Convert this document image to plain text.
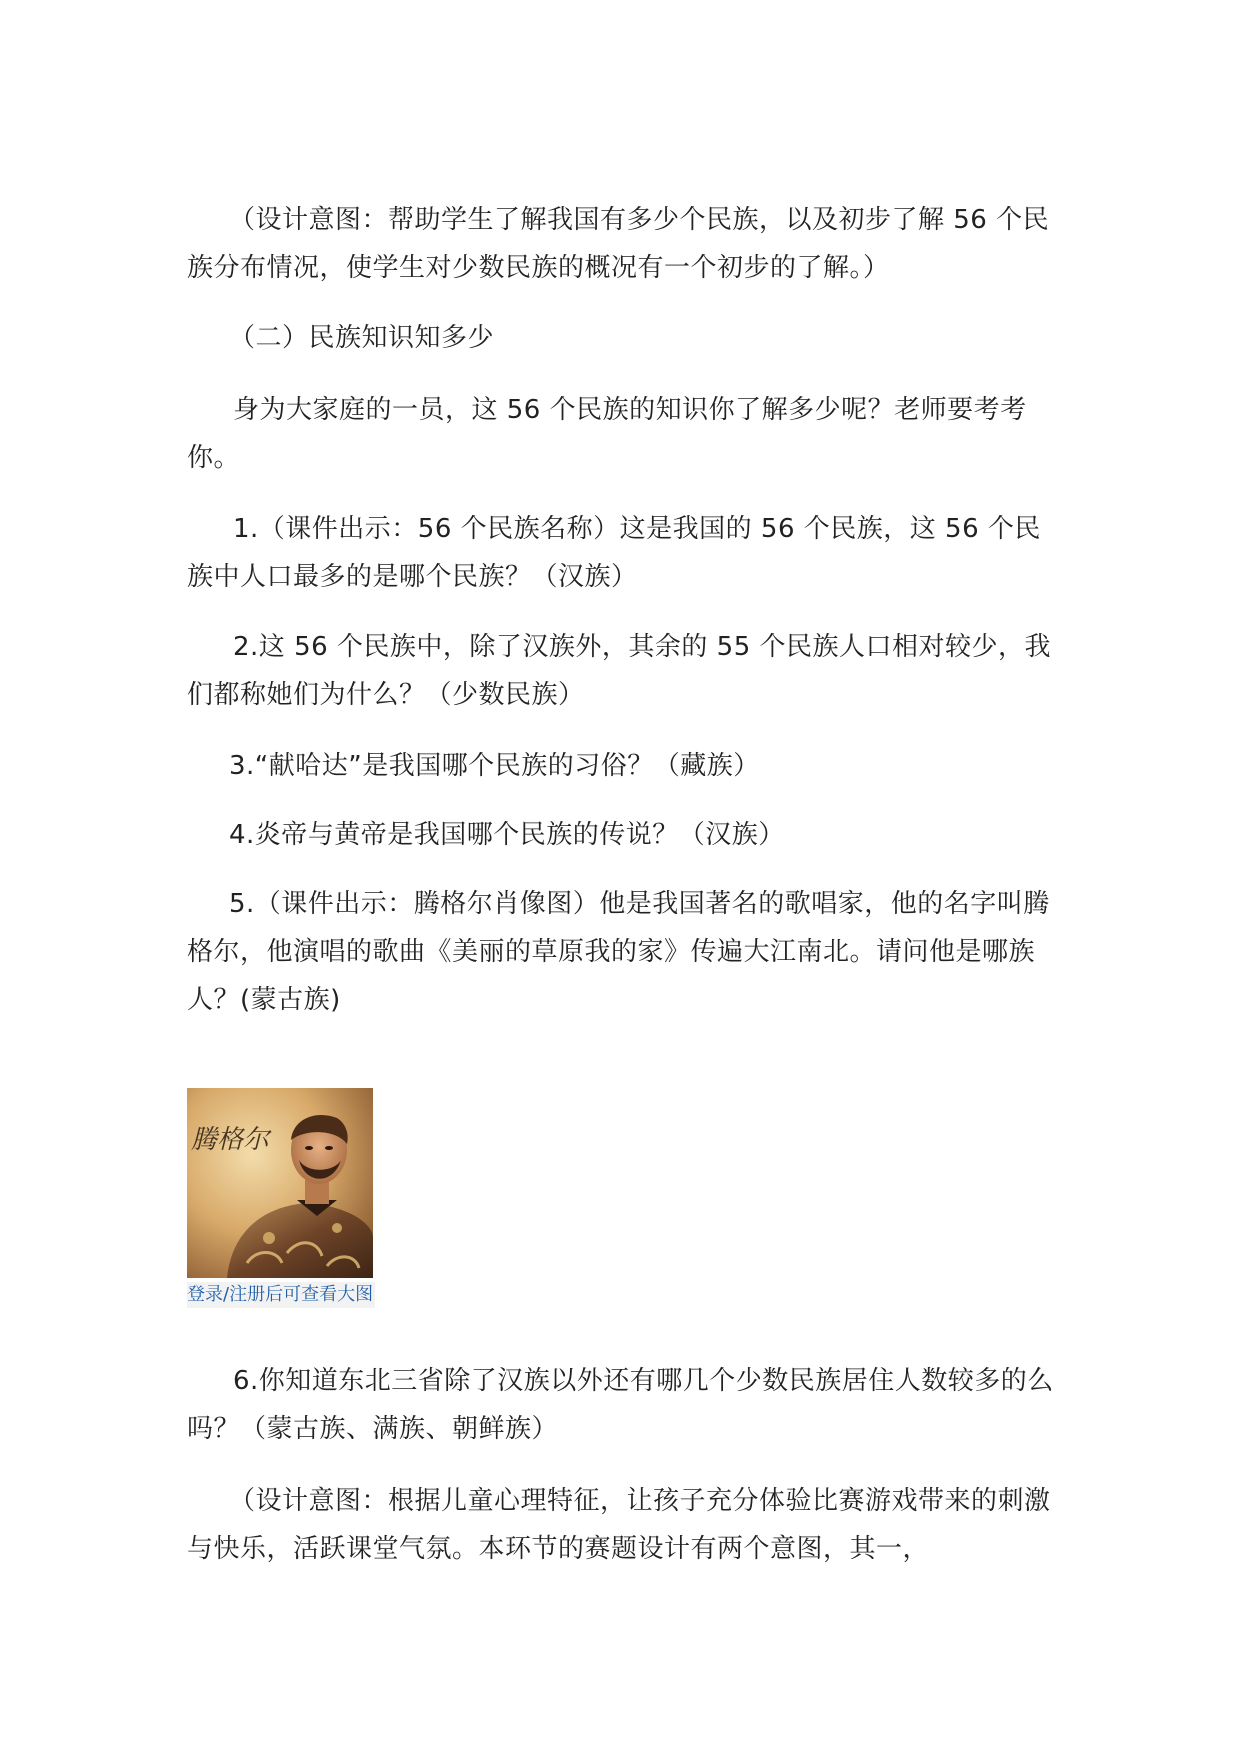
（设计意图：帮助学生了解我国有多少个民族，以及初步了解 56 个民族分布情况，使学生对少数民族的概况有一个初步的了解。）

（二）民族知识知多少

身为大家庭的一员，这 56 个民族的知识你了解多少呢？老师要考考你。

1.（课件出示：56 个民族名称）这是我国的 56 个民族，这 56 个民族中人口最多的是哪个民族？（汉族）

2.这 56 个民族中，除了汉族外，其余的 55 个民族人口相对较少，我们都称她们为什么？（少数民族）

3.“献哈达”是我国哪个民族的习俗？（藏族）

4.炎帝与黄帝是我国哪个民族的传说？（汉族）

5.（课件出示：腾格尔肖像图）他是我国著名的歌唱家，他的名字叫腾格尔，他演唱的歌曲《美丽的草原我的家》传遍大江南北。请问他是哪族人？(蒙古族)

腾格尔
登录/注册后可查看大图

6.你知道东北三省除了汉族以外还有哪几个少数民族居住人数较多的么吗？（蒙古族、满族、朝鲜族）

（设计意图：根据儿童心理特征，让孩子充分体验比赛游戏带来的刺激与快乐，活跃课堂气氛。本环节的赛题设计有两个意图，其一，
